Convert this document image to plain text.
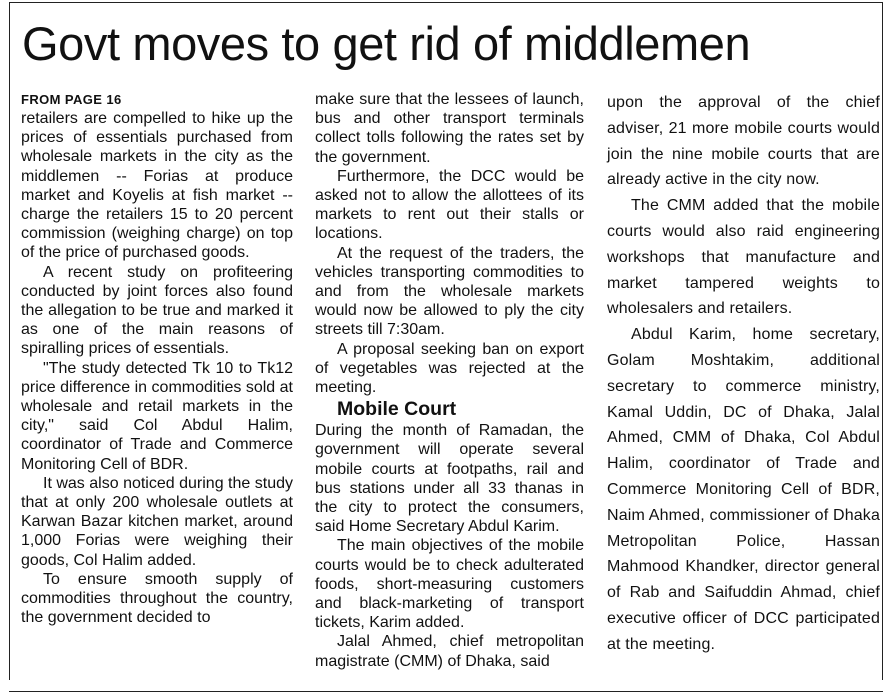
Govt moves to get rid of middlemen
FROM PAGE 16

retailers are compelled to hike up the prices of essentials purchased from wholesale markets in the city as the middlemen -- Forias at produce market and Koyelis at fish market -- charge the retailers 15 to 20 percent commission (weighing charge) on top of the price of purchased goods.

A recent study on profiteering conducted by joint forces also found the allegation to be true and marked it as one of the main reasons of spiralling prices of essentials.

"The study detected Tk 10 to Tk12 price difference in commodities sold at wholesale and retail markets in the city," said Col Abdul Halim, coordinator of Trade and Commerce Monitoring Cell of BDR.

It was also noticed during the study that at only 200 wholesale outlets at Karwan Bazar kitchen market, around 1,000 Forias were weighing their goods, Col Halim added.

To ensure smooth supply of commodities throughout the country, the government decided to

make sure that the lessees of launch, bus and other transport terminals collect tolls following the rates set by the government.

Furthermore, the DCC would be asked not to allow the allottees of its markets to rent out their stalls or locations.

At the request of the traders, the vehicles transporting commodities to and from the wholesale markets would now be allowed to ply the city streets till 7:30am.

A proposal seeking ban on export of vegetables was rejected at the meeting.

Mobile Court

During the month of Ramadan, the government will operate several mobile courts at footpaths, rail and bus stations under all 33 thanas in the city to protect the consumers, said Home Secretary Abdul Karim.

The main objectives of the mobile courts would be to check adulterated foods, short-measuring customers and black-marketing of transport tickets, Karim added.

Jalal Ahmed, chief metropolitan magistrate (CMM) of Dhaka, said

upon the approval of the chief adviser, 21 more mobile courts would join the nine mobile courts that are already active in the city now.

The CMM added that the mobile courts would also raid engineering workshops that manufacture and market tampered weights to wholesalers and retailers.

Abdul Karim, home secretary, Golam Moshtakim, additional secretary to commerce ministry, Kamal Uddin, DC of Dhaka, Jalal Ahmed, CMM of Dhaka, Col Abdul Halim, coordinator of Trade and Commerce Monitoring Cell of BDR, Naim Ahmed, commissioner of Dhaka Metropolitan Police, Hassan Mahmood Khandker, director general of Rab and Saifuddin Ahmad, chief executive officer of DCC participated at the meeting.
